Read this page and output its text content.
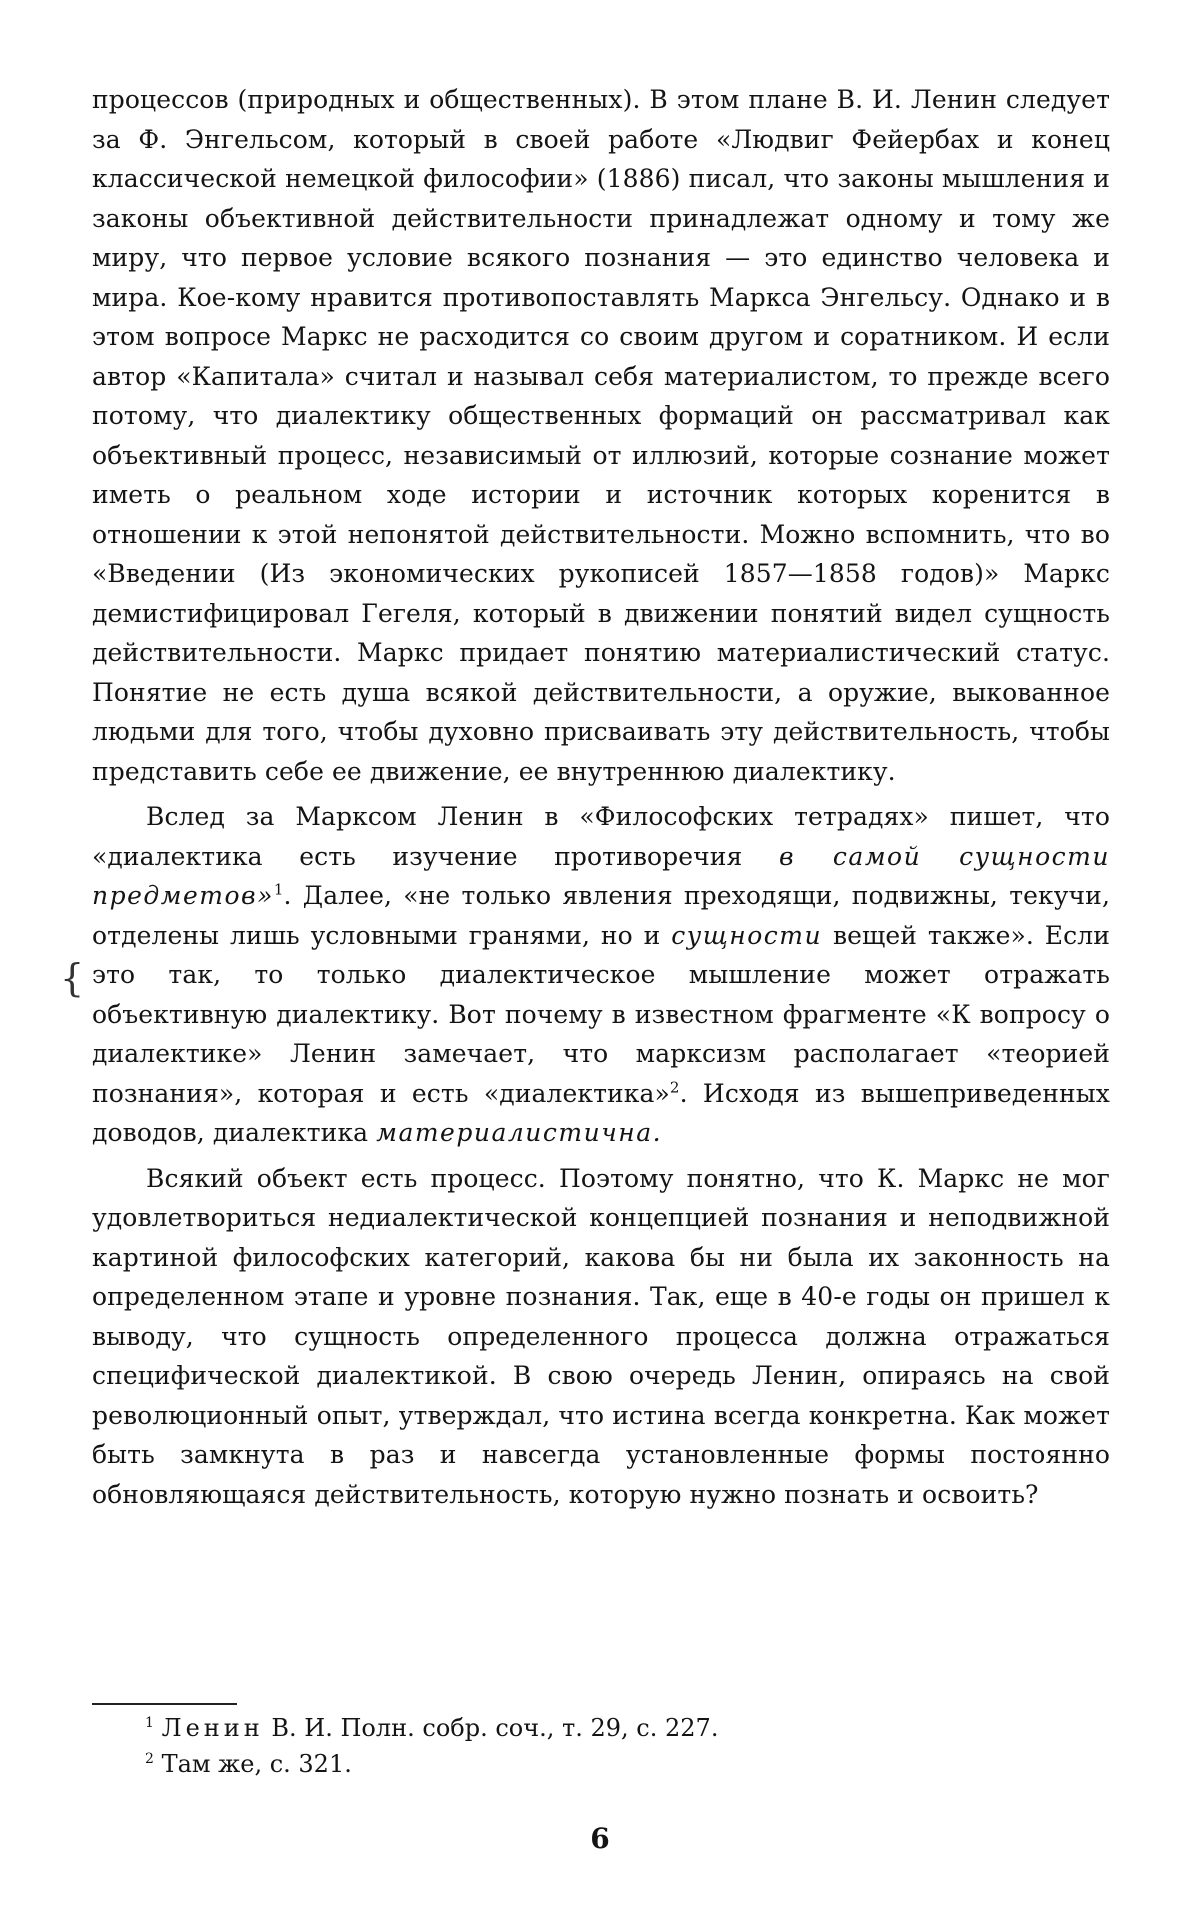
процессов (природных и общественных). В этом плане В. И. Ленин следует за Ф. Энгельсом, который в своей работе «Людвиг Фейербах и конец классической немецкой философии» (1886) писал, что законы мышления и законы объективной действительности принадлежат одному и тому же миру, что первое условие всякого познания — это единство человека и мира. Кое-кому нравится противопоставлять Маркса Энгельсу. Однако и в этом вопросе Маркс не расходится со своим другом и соратником. И если автор «Капитала» считал и называл себя материалистом, то прежде всего потому, что диалектику общественных формаций он рассматривал как объективный процесс, независимый от иллюзий, которые сознание может иметь о реальном ходе истории и источник которых коренится в отношении к этой непонятой действительности. Можно вспомнить, что во «Введении (Из экономических рукописей 1857—1858 годов)» Маркс демистифицировал Гегеля, который в движении понятий видел сущность действительности. Маркс придает понятию материалистический статус. Понятие не есть душа всякой действительности, а оружие, выкованное людьми для того, чтобы духовно присваивать эту действительность, чтобы представить себе ее движение, ее внутреннюю диалектику.

Вслед за Марксом Ленин в «Философских тетрадях» пишет, что «диалектика есть изучение противоречия в самой сущности предметов»$^1$. Далее, «не только явления преходящи, подвижны, текучи, отделены лишь условными гранями, но и сущности вещей также». Если это так, то только диалектическое мышление может отражать объективную диалектику. Вот почему в известном фрагменте «К вопросу о диалектике» Ленин замечает, что марксизм располагает «теорией познания», которая и есть «диалектика»$^2$. Исходя из вышеприведенных доводов, диалектика материалистична.

Всякий объект есть процесс. Поэтому понятно, что К. Маркс не мог удовлетвориться недиалектической концепцией познания и неподвижной картиной философских категорий, какова бы ни была их законность на определенном этапе и уровне познания. Так, еще в 40-е годы он пришел к выводу, что сущность определенного процесса должна отражаться специфической диалектикой. В свою очередь Ленин, опираясь на свой революционный опыт, утверждал, что истина всегда конкретна. Как может быть замкнута в раз и навсегда установленные формы постоянно обновляющаяся действительность, которую нужно познать и освоить?

{
$^1$ Ленин В. И. Полн. собр. соч., т. 29, с. 227.
$^2$ Там же, с. 321.
6
